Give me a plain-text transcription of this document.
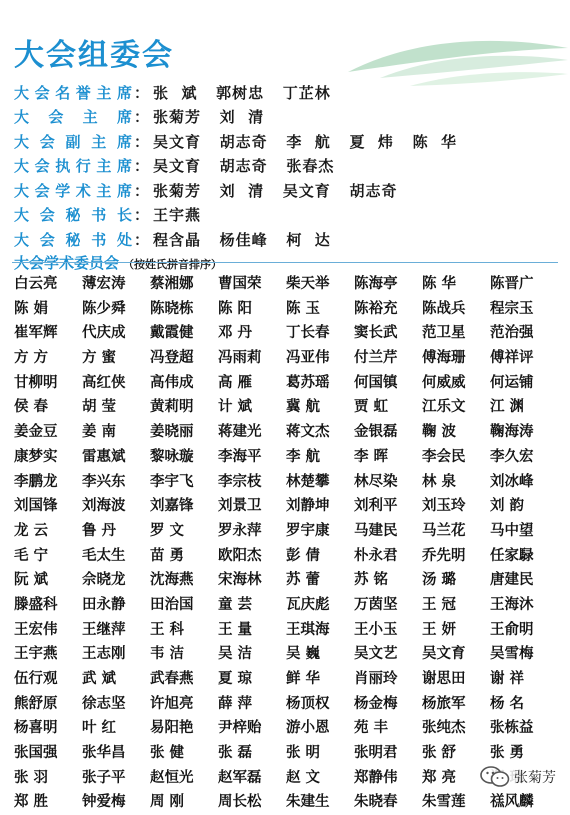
大会组委会
大会名誉主席 ： 张  斌   郭树忠   丁芷林
大会主席 ： 张菊芳   刘  清
大会副主席 ： 吴文育   胡志奇   李  航   夏  炜   陈  华
大会执行主席 ： 吴文育   胡志奇   张春杰
大会学术主席 ： 张菊芳   刘  清   吴文育   胡志奇
大会秘书长 ： 王宇燕
大会秘书处 ： 程含晶   杨佳峰   柯  达
大会学术委员会 （按姓氏拼音排序）
白云亮	薄宏涛	蔡湘娜	曹国荣	柴天举	陈海亭	陈 华	陈晋广
陈 娟	陈少舜	陈晓栋	陈 阳	陈 玉	陈裕充	陈战兵	程宗玉
崔军辉	代庆成	戴霞健	邓 丹	丁长春	窦长武	范卫星	范治强
方 方	方 蜜	冯登超	冯雨莉	冯亚伟	付兰芹	傅海珊	傅祥评
甘柳明	高红侠	高伟成	高 雁	葛苏瑶	何国镇	何威威	何运铺
侯 春	胡 莹	黄莉明	计 斌	冀 航	贾 虹	江乐文	江 渊
姜金豆	姜 南	姜晓丽	蒋建光	蒋文杰	金银磊	鞠 波	鞠海涛
康梦实	雷惠斌	黎咏璇	李海平	李 航	李 晖	李会民	李久宏
李鹏龙	李兴东	李宇飞	李宗枝	林楚攀	林尽染	林 泉	刘冰峰
刘国锋	刘海波	刘嘉锋	刘景卫	刘静坤	刘利平	刘玉玲	刘 韵
龙 云	鲁 丹	罗 文	罗永萍	罗宇康	马建民	马兰花	马中望
毛 宁	毛太生	苗 勇	欧阳杰	彭 倩	朴永君	乔先明	任家騄
阮 斌	佘晓龙	沈海燕	宋海林	苏 蕾	苏 铭	汤 璐	唐建民
滕盛科	田永静	田治国	童 芸	瓦庆彪	万茵坚	王 冠	王海沐
王宏伟	王继萍	王 科	王 量	王琪海	王小玉	王 妍	王俞明
王宇燕	王志刚	韦 洁	吴 洁	吴 巍	吴文艺	吴文育	吴雪梅
伍行观	武 斌	武春燕	夏 琼	鲜 华	肖丽玲	谢思田	谢 祥
熊舒原	徐志坚	许旭亮	薛 萍	杨顶权	杨金梅	杨旅军	杨 名
杨喜明	叶 红	易阳艳	尹梓贻	游小恩	苑 丰	张纯杰	张栋益
张国强	张华昌	张 健	张 磊	张 明	张明君	张 舒	张 勇
张 羽	张子平	赵恒光	赵军磊	赵 文	郑静伟	郑 亮
郑 胜	钟爱梅	周 刚	周长松	朱建生	朱晓春	朱雪莲	禚风麟
张菊芳
